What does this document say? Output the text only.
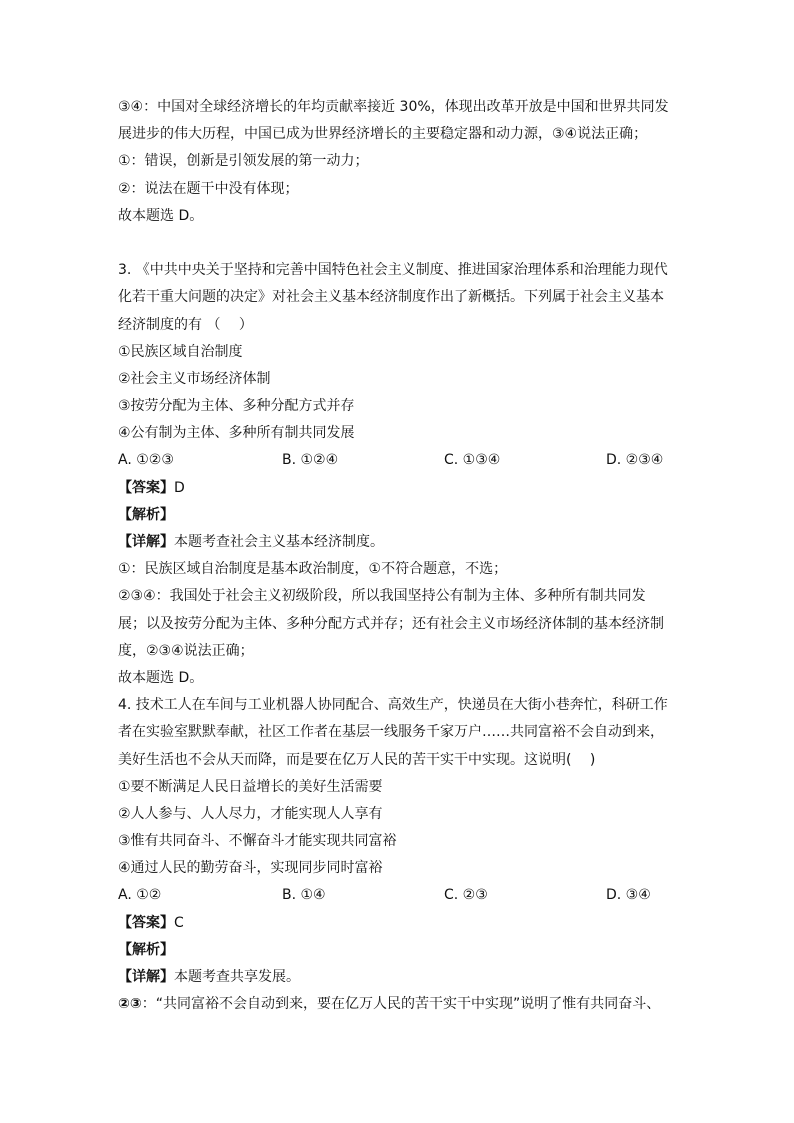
③④：中国对全球经济增长的年均贡献率接近 30%，体现出改革开放是中国和世界共同发
展进步的伟大历程，中国已成为世界经济增长的主要稳定器和动力源，③④说法正确；
①：错误，创新是引领发展的第一动力；
②：说法在题干中没有体现；
故本题选 D。
3. 《中共中央关于坚持和完善中国特色社会主义制度、推进国家治理体系和治理能力现代
化若干重大问题的决定》对社会主义基本经济制度作出了新概括。下列属于社会主义基本
经济制度的有 （　 ）
①民族区域自治制度
②社会主义市场经济体制
③按劳分配为主体、多种分配方式并存
④公有制为主体、多种所有制共同发展
A. ①②③	B. ①②④	C. ①③④	D. ②③④
【答案】D
【解析】
【详解】本题考查社会主义基本经济制度。
①：民族区域自治制度是基本政治制度，①不符合题意，不选；
②③④：我国处于社会主义初级阶段，所以我国坚持公有制为主体、多种所有制共同发
展；以及按劳分配为主体、多种分配方式并存；还有社会主义市场经济体制的基本经济制
度，②③④说法正确；
故本题选 D。
4. 技术工人在车间与工业机器人协同配合、高效生产，快递员在大街小巷奔忙，科研工作
者在实验室默默奉献，社区工作者在基层一线服务千家万户……共同富裕不会自动到来，
美好生活也不会从天而降，而是要在亿万人民的苦干实干中实现。这说明(　 )
①要不断满足人民日益增长的美好生活需要
②人人参与、人人尽力，才能实现人人享有
③惟有共同奋斗、不懈奋斗才能实现共同富裕
④通过人民的勤劳奋斗，实现同步同时富裕
A. ①②	B. ①④	C. ②③	D. ③④
【答案】C
【解析】
【详解】本题考查共享发展。
②③：“共同富裕不会自动到来，要在亿万人民的苦干实干中实现”说明了惟有共同奋斗、
